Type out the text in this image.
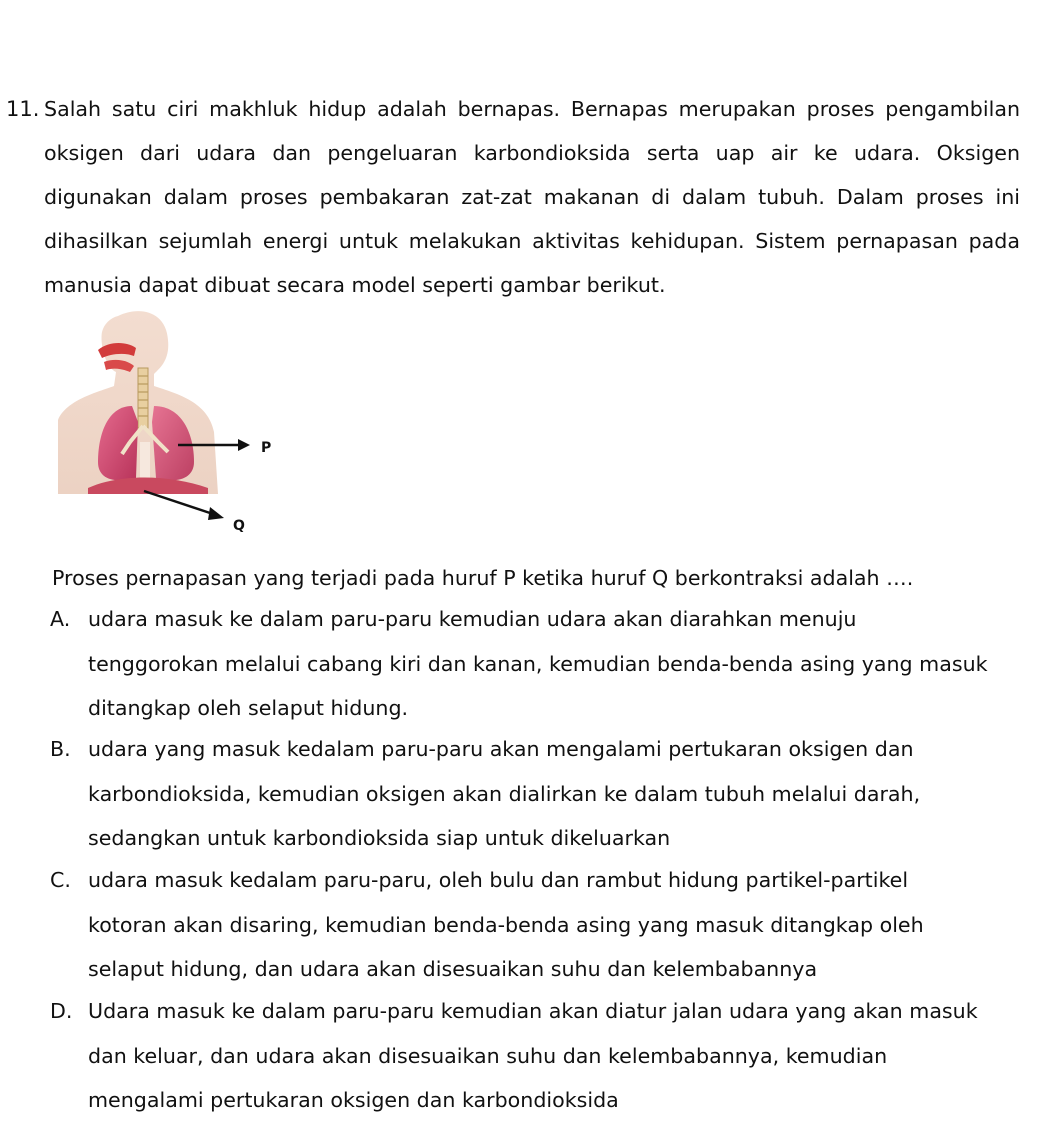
11. Salah satu ciri makhluk hidup adalah bernapas. Bernapas merupakan proses pengambilan
oksigen dari udara dan pengeluaran karbondioksida serta uap air ke udara. Oksigen
digunakan dalam proses pembakaran zat-zat makanan di dalam tubuh. Dalam proses ini
dihasilkan sejumlah energi untuk melakukan aktivitas kehidupan. Sistem pernapasan pada
manusia dapat dibuat secara model seperti gambar berikut.

P
Q

Proses pernapasan yang terjadi pada huruf P ketika huruf Q berkontraksi adalah ….

A. udara masuk ke dalam paru-paru kemudian udara akan diarahkan menuju
tenggorokan melalui cabang kiri dan kanan, kemudian benda-benda asing yang masuk
ditangkap oleh selaput hidung.
B. udara yang masuk kedalam paru-paru akan mengalami pertukaran oksigen dan
karbondioksida, kemudian oksigen akan dialirkan ke dalam tubuh melalui darah,
sedangkan untuk karbondioksida siap untuk dikeluarkan
C. udara masuk kedalam paru-paru, oleh bulu dan rambut hidung partikel-partikel
kotoran akan disaring, kemudian benda-benda asing yang masuk ditangkap oleh
selaput hidung, dan udara akan disesuaikan suhu dan kelembabannya
D. Udara masuk ke dalam paru-paru kemudian akan diatur jalan udara yang akan masuk
dan keluar, dan udara akan disesuaikan suhu dan kelembabannya, kemudian
mengalami pertukaran oksigen dan karbondioksida
